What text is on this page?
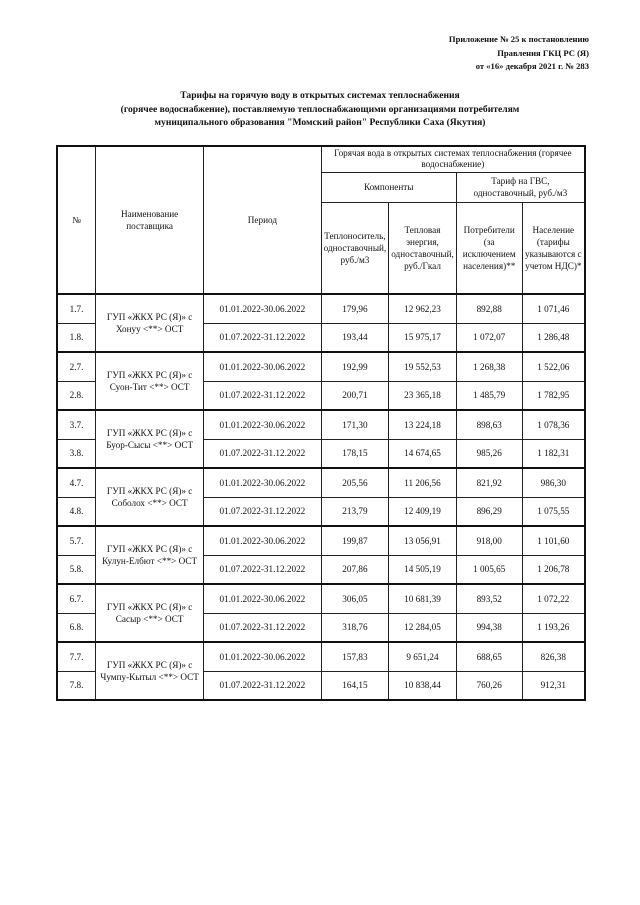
Приложение № 25 к постановлению
Правления ГКЦ РС (Я)
от «16» декабря 2021 г. № 283
Тарифы на горячую воду в открытых системах теплоснабжения
(горячее водоснабжение), поставляемую теплоснабжающими организациями потребителям
муниципального образования "Момский район" Республики Саха (Якутия)
№	Наименование поставщика	Период	Горячая вода в открытых системах теплоснабжения (горячее водоснабжение)			
			Компоненты		Тариф на ГВС, одноставочный, руб./м3	
			Теплоноситель, одноставочный, руб./м3	Тепловая энергия, одноставочный, руб./Гкал	Потребители (за исключением населения)**	Население (тарифы указываются с учетом НДС)*
1.7.	ГУП «ЖКХ РС (Я)» с Хонуу <**> ОСТ	01.01.2022-30.06.2022	179,96	12 962,23	892,88	1 071,46
1.8.		01.07.2022-31.12.2022	193,44	15 975,17	1 072,07	1 286,48
2.7.	ГУП «ЖКХ РС (Я)» с Суон-Тит <**> ОСТ	01.01.2022-30.06.2022	192,99	19 552,53	1 268,38	1 522,06
2.8.		01.07.2022-31.12.2022	200,71	23 365,18	1 485,79	1 782,95
3.7.	ГУП «ЖКХ РС (Я)» с Буор-Сысы <**> ОСТ	01.01.2022-30.06.2022	171,30	13 224,18	898,63	1 078,36
3.8.		01.07.2022-31.12.2022	178,15	14 674,65	985,26	1 182,31
4.7.	ГУП «ЖКХ РС (Я)» с Соболох <**> ОСТ	01.01.2022-30.06.2022	205,56	11 206,56	821,92	986,30
4.8.		01.07.2022-31.12.2022	213,79	12 409,19	896,29	1 075,55
5.7.	ГУП «ЖКХ РС (Я)» с Кулун-Елбют <**> ОСТ	01.01.2022-30.06.2022	199,87	13 056,91	918,00	1 101,60
5.8.		01.07.2022-31.12.2022	207,86	14 505,19	1 005,65	1 206,78
6.7.	ГУП «ЖКХ РС (Я)» с Сасыр <**> ОСТ	01.01.2022-30.06.2022	306,05	10 681,39	893,52	1 072,22
6.8.		01.07.2022-31.12.2022	318,76	12 284,05	994,38	1 193,26
7.7.	ГУП «ЖКХ РС (Я)» с Чумпу-Кытыл <**> ОСТ	01.01.2022-30.06.2022	157,83	9 651,24	688,65	826,38
7.8.		01.07.2022-31.12.2022	164,15	10 838,44	760,26	912,31
